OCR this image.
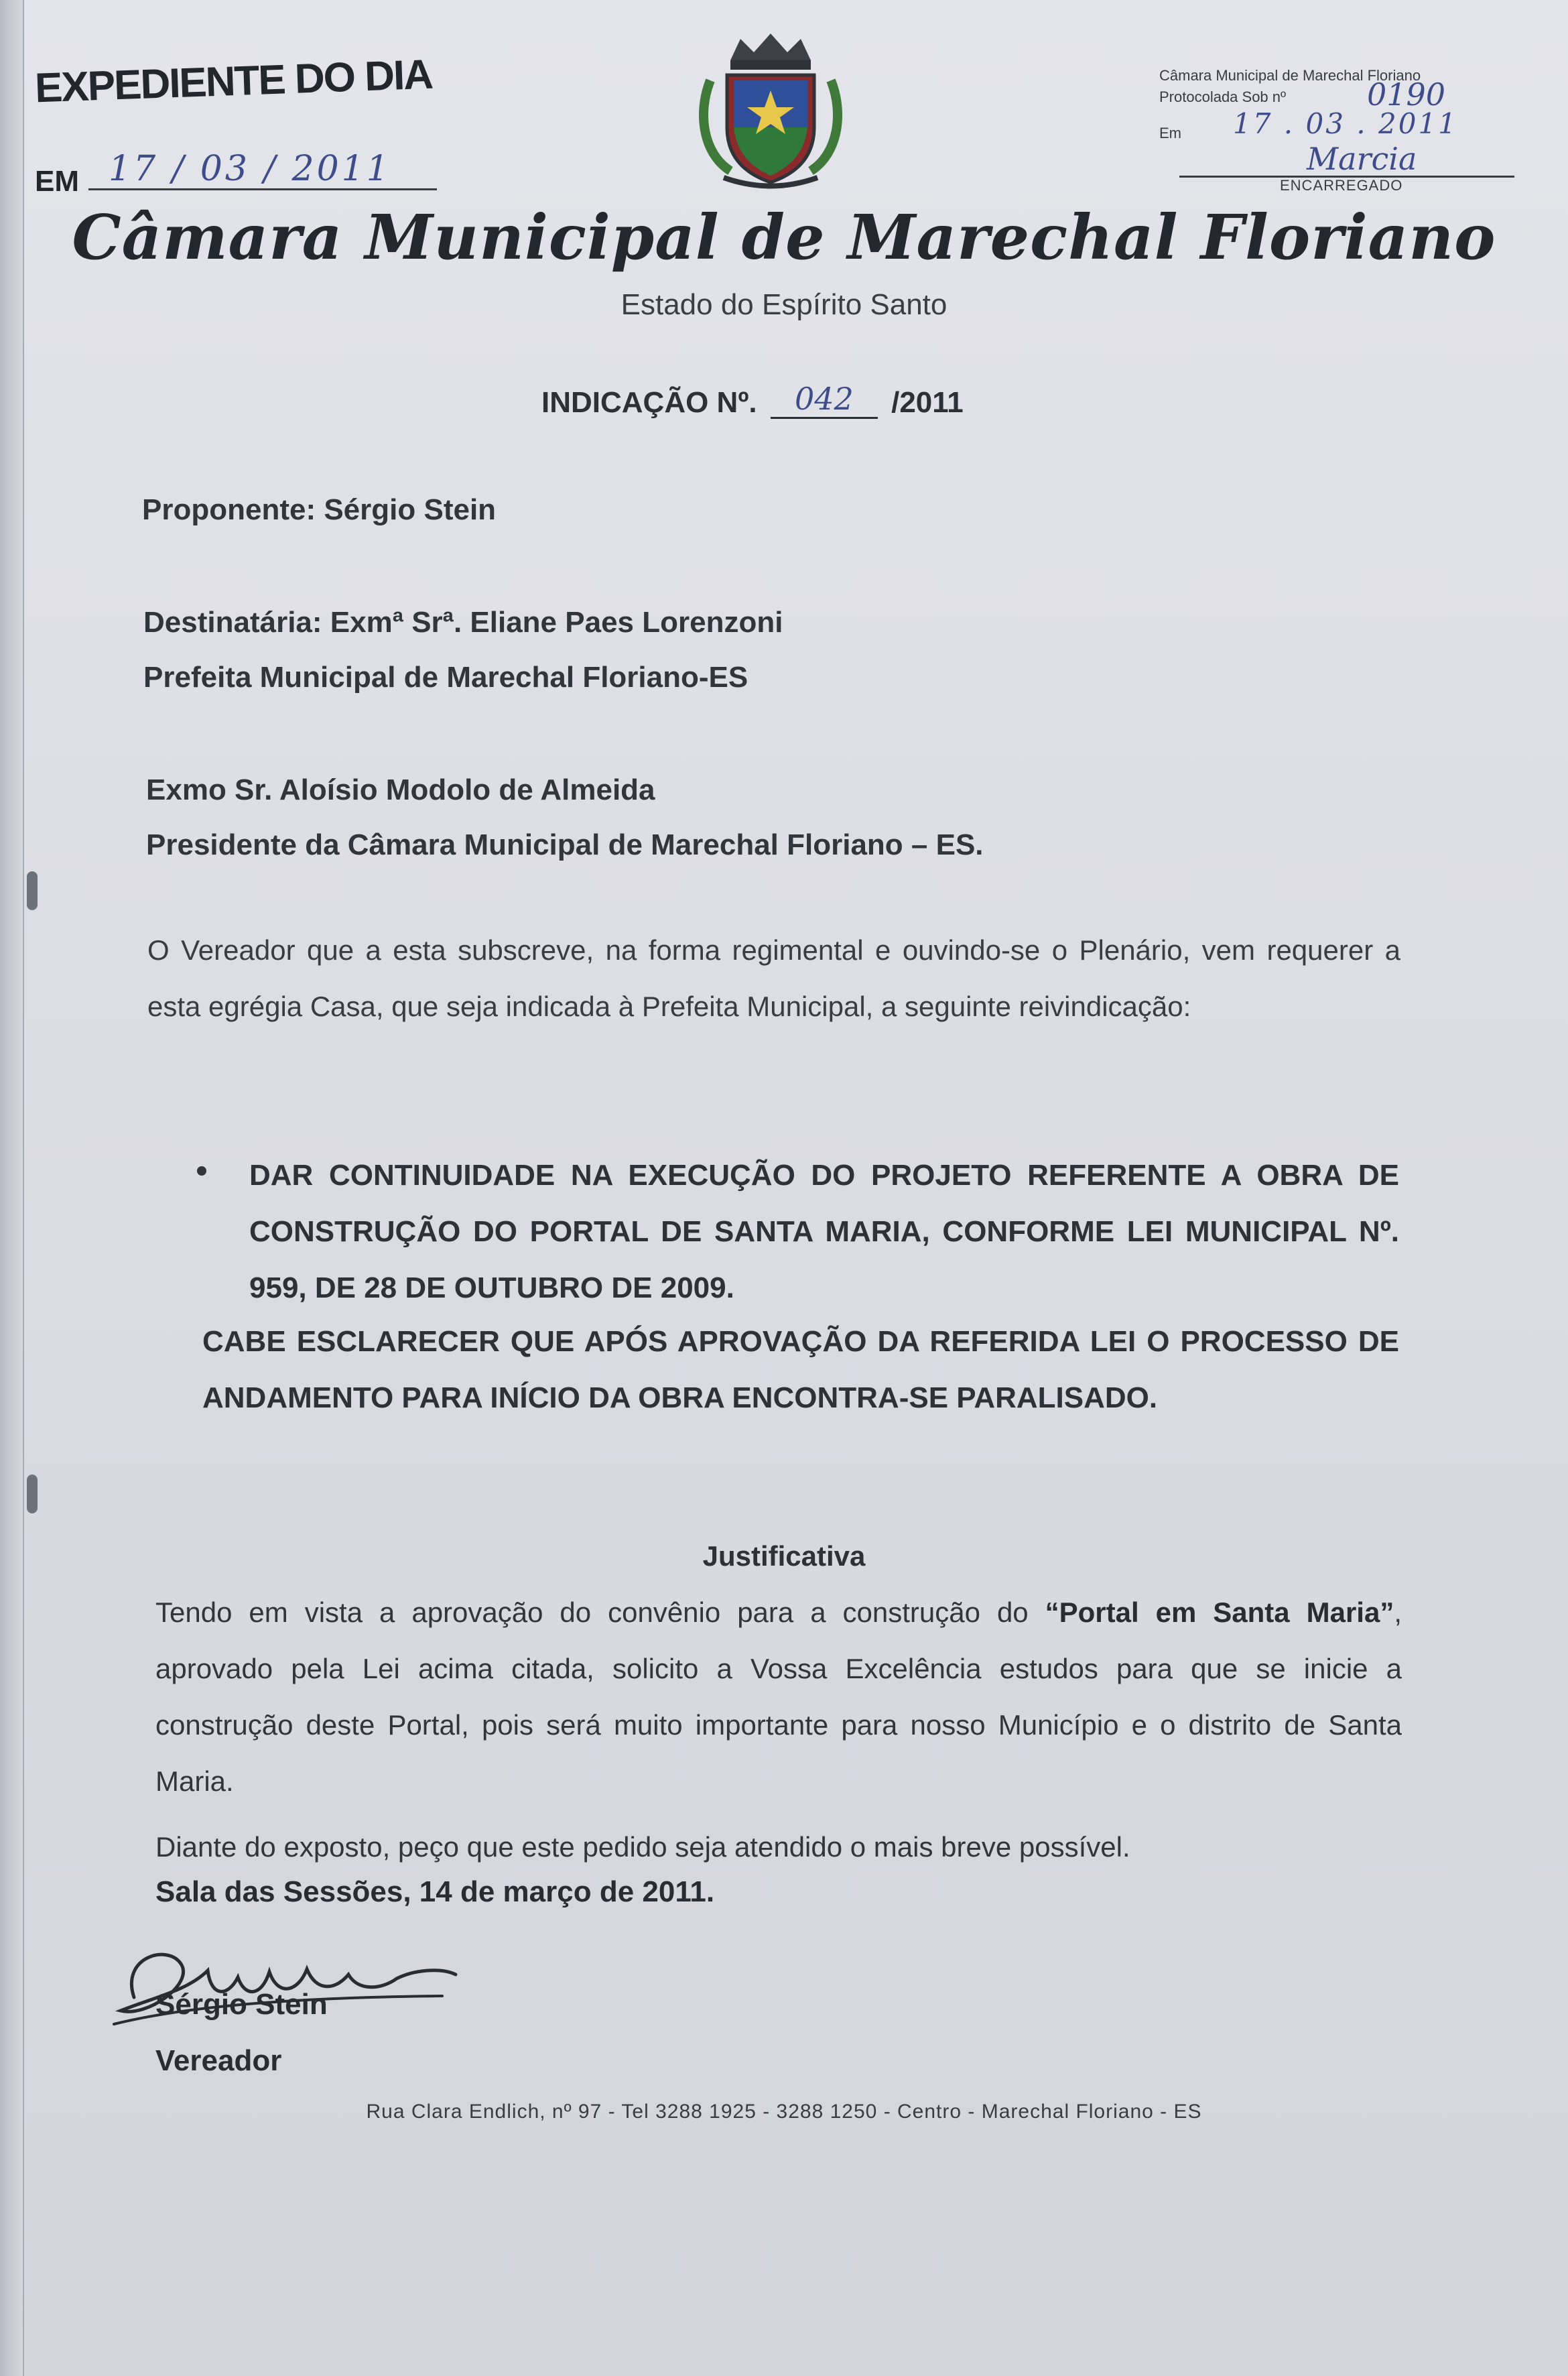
EXPEDIENTE DO DIA
EM 17 / 03 / 2011
Câmara Municipal de Marechal Floriano
Protocolada Sob nº	0190
Em 17 . 03 . 2011
Marcia
ENCARREGADO
Câmara Municipal de Marechal Floriano
Estado do Espírito Santo
INDICAÇÃO Nº. 042 /2011
Proponente: Sérgio Stein
Destinatária: Exmª Srª. Eliane Paes Lorenzoni
Prefeita Municipal de Marechal Floriano-ES
Exmo Sr. Aloísio Modolo de Almeida
Presidente da Câmara Municipal de Marechal Floriano – ES.
O Vereador que a esta subscreve, na forma regimental e ouvindo-se o Plenário, vem requerer a esta egrégia Casa, que seja indicada à Prefeita Municipal, a seguinte reivindicação:
DAR CONTINUIDADE NA EXECUÇÃO DO PROJETO REFERENTE A OBRA DE CONSTRUÇÃO DO PORTAL DE SANTA MARIA, CONFORME LEI MUNICIPAL Nº. 959, DE 28 DE OUTUBRO DE 2009.
CABE ESCLARECER QUE APÓS APROVAÇÃO DA REFERIDA LEI O PROCESSO DE ANDAMENTO PARA INÍCIO DA OBRA ENCONTRA-SE PARALISADO.
Justificativa
Tendo em vista a aprovação do convênio para a construção do “Portal em Santa Maria”, aprovado pela Lei acima citada, solicito a Vossa Excelência estudos para que se inicie a construção deste Portal, pois será muito importante para nosso Município e o distrito de Santa Maria.
Diante do exposto, peço que este pedido seja atendido o mais breve possível.
Sala das Sessões, 14 de março de 2011.
Sérgio Stein
Vereador
Rua Clara Endlich, nº 97 - Tel 3288 1925 - 3288 1250 - Centro - Marechal Floriano - ES
